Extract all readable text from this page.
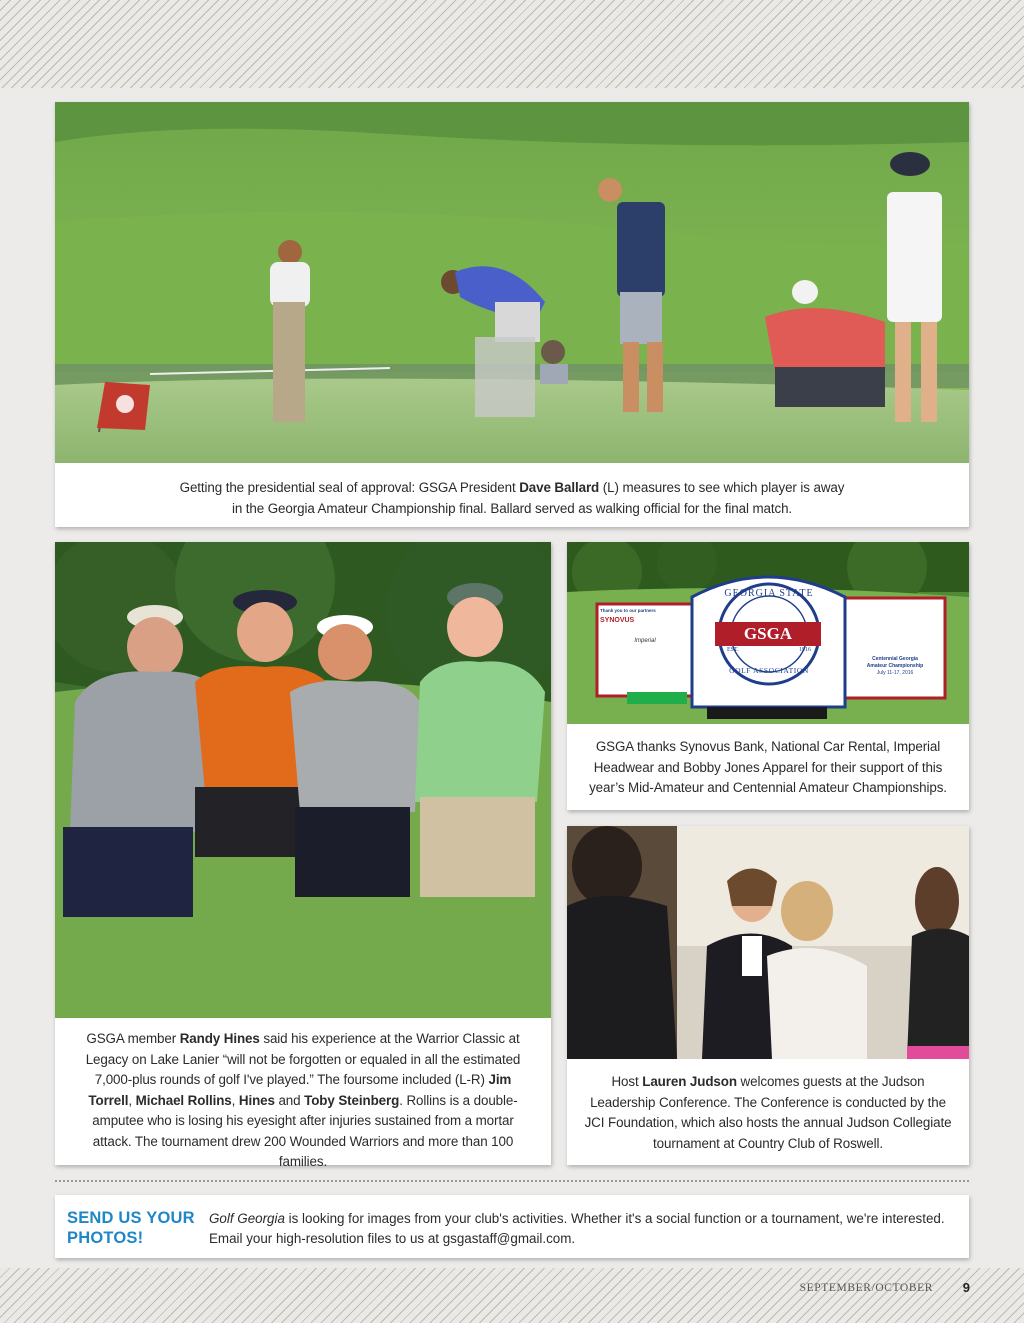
Getting the presidential seal of approval: GSGA President Dave Ballard (L) measures to see which player is away
in the Georgia Amateur Championship final. Ballard served as walking official for the final match.
GSGA member Randy Hines said his experience at the Warrior Classic at Legacy on Lake Lanier “will not be forgotten or equaled in all the estimated 7,000-plus rounds of golf I've played.” The foursome included (L-R) Jim Torrell, Michael Rollins, Hines and Toby Steinberg. Rollins is a double-amputee who is losing his eyesight after injuries sustained from a mortar attack. The tournament drew 200 Wounded Warriors and more than 100 families.
Thank you to our partners
SYNOVUS
Imperial
National
GEORGIA STATE
GSGA
EST.	1916
GOLF ASSOCIATION
Centennial Georgia
Amateur Championship
July 11-17, 2016
GSGA thanks Synovus Bank, National Car Rental, Imperial Headwear and Bobby Jones Apparel for their support of this year’s Mid-Amateur and Centennial Amateur Championships.
Host Lauren Judson welcomes guests at the Judson Leadership Conference. The Conference is conducted by the JCI Foundation, which also hosts the annual Judson Collegiate tournament at Country Club of Roswell.
SEND US YOUR PHOTOS!
Golf Georgia is looking for images from your club's activities. Whether it's a social function or a tournament, we're interested. Email your high-resolution files to us at gsgastaff@gmail.com.
SEPTEMBER/OCTOBER	9
